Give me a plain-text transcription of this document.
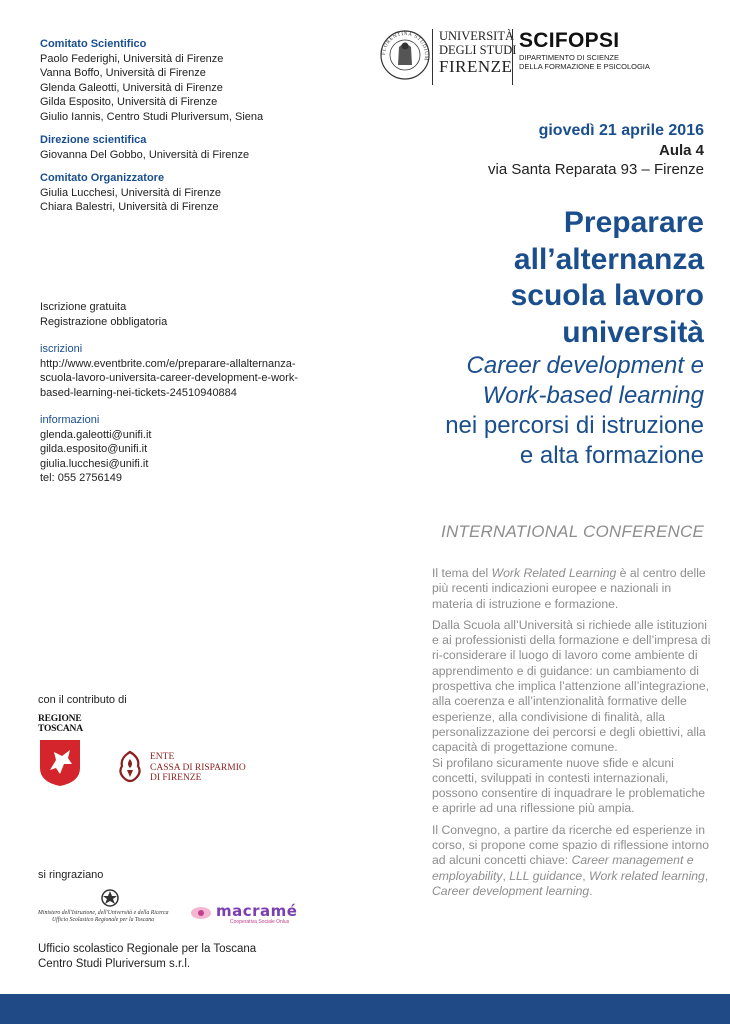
Comitato Scientifico
Paolo Federighi, Università di Firenze
Vanna Boffo, Università di Firenze
Glenda Galeotti, Università di Firenze
Gilda Esposito, Università di Firenze
Giulio Iannis, Centro Studi Pluriversum, Siena
Direzione scientifica
Giovanna Del Gobbo, Università di Firenze
Comitato Organizzatore
Giulia Lucchesi, Università di Firenze
Chiara Balestri, Università di Firenze
Iscrizione gratuita
Registrazione obbligatoria
iscrizioni
http://www.eventbrite.com/e/preparare-allalternanza-
scuola-lavoro-universita-career-development-e-work-
based-learning-nei-tickets-24510940884
informazioni
glenda.galeotti@unifi.it
gilda.esposito@unifi.it
giulia.lucchesi@unifi.it
tel: 055 2756149
con il contributo di
REGIONE
TOSCANA
ENTE
CASSA DI RISPARMIO
DI FIRENZE
si ringraziano
Ministero dell'Istruzione, dell'Università e della Ricerca
Ufficio Scolastico Regionale per la Toscana	macramé
Cooperativa Sociale Onlus
Ufficio scolastico Regionale per la Toscana
Centro Studi Pluriversum s.r.l.
FLORENTINA STUDIUM
UNIVERSITÀ
DEGLI STUDI
FIRENZE
SCIFOPSI
DIPARTIMENTO DI SCIENZE
DELLA FORMAZIONE E PSICOLOGIA
giovedì 21 aprile 2016
Aula 4
via Santa Reparata 93 – Firenze
Preparare
all’alternanza
scuola lavoro
università
Career development e
Work-based learning
nei percorsi di istruzione
e alta formazione
INTERNATIONAL CONFERENCE

Il tema del Work Related Learning è al centro delle più recenti indicazioni europee e nazionali in materia di istruzione e formazione.

Dalla Scuola all’Università si richiede alle istituzioni e ai professionisti della formazione e dell’impresa di ri-considerare il luogo di lavoro come ambiente di apprendimento e di guidance: un cambiamento di prospettiva che implica l’attenzione all’integrazione, alla coerenza e all’intenzionalità formative delle esperienze, alla condivisione di finalità, alla personalizzazione dei percorsi e degli obiettivi, alla capacità di progettazione comune.

Si profilano sicuramente nuove sfide e alcuni concetti, sviluppati in contesti internazionali, possono consentire di inquadrare le problematiche e aprirle ad una riflessione più ampia.

Il Convegno, a partire da ricerche ed esperienze in corso, si propone come spazio di riflessione intorno ad alcuni concetti chiave: Career management e employability, LLL guidance, Work related learning, Career development learning.
